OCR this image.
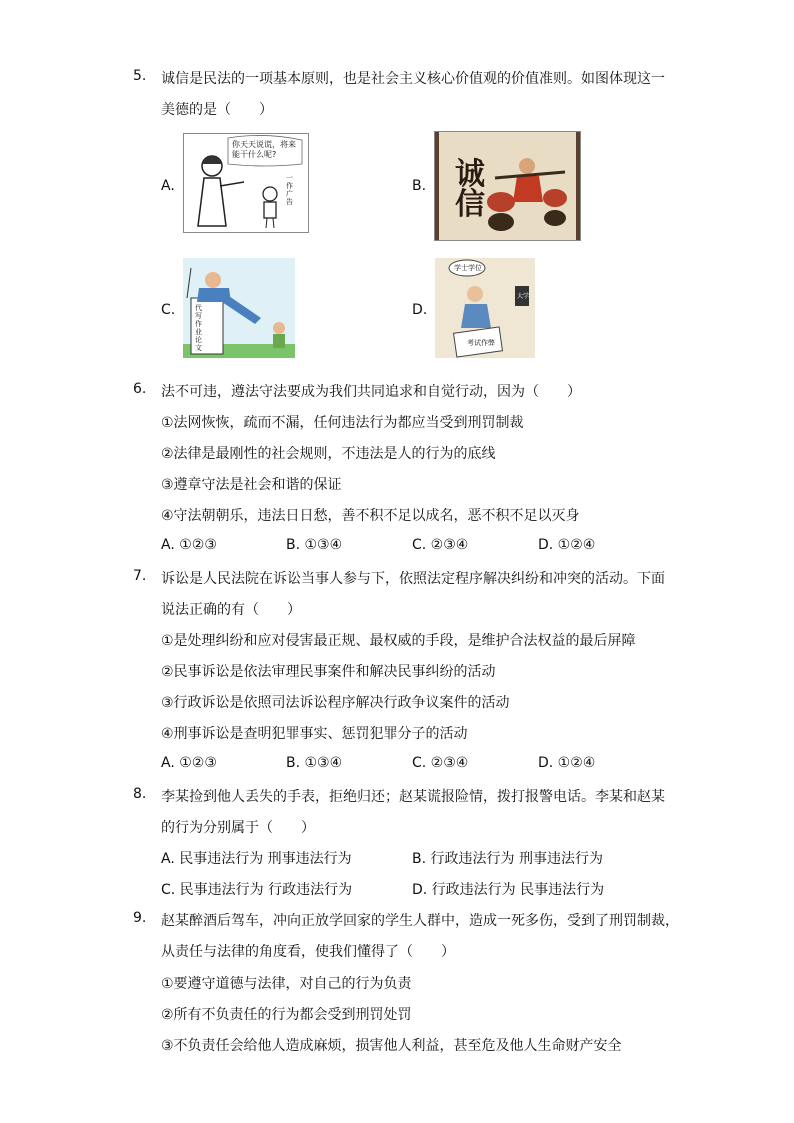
5. 诚信是民法的一项基本原则，也是社会主义核心价值观的价值准则。如图体现这一
美德的是（　　）
A.
你天天说谎，将来能干什么呢?
一作广告
B. 诚信
C.	代写作业论文
D.
学士学位
考试作弊
大学
6. 法不可违，遵法守法要成为我们共同追求和自觉行动，因为（　　）
①法网恢恢，疏而不漏，任何违法行为都应当受到刑罚制裁
②法律是最刚性的社会规则，不违法是人的行为的底线
③遵章守法是社会和谐的保证
④守法朝朝乐，违法日日愁，善不积不足以成名，恶不积不足以灭身
A. ①②③	B. ①③④	C. ②③④	D. ①②④
7. 诉讼是人民法院在诉讼当事人参与下，依照法定程序解决纠纷和冲突的活动。下面
说法正确的有（　　）
①是处理纠纷和应对侵害最正规、最权威的手段，是维护合法权益的最后屏障
②民事诉讼是依法审理民事案件和解决民事纠纷的活动
③行政诉讼是依照司法诉讼程序解决行政争议案件的活动
④刑事诉讼是查明犯罪事实、惩罚犯罪分子的活动
A. ①②③	B. ①③④	C. ②③④	D. ①②④
8. 李某捡到他人丢失的手表，拒绝归还；赵某谎报险情，拨打报警电话。李某和赵某
的行为分别属于（　　）
A. 民事违法行为 刑事违法行为	B. 行政违法行为 刑事违法行为
C. 民事违法行为 行政违法行为	D. 行政违法行为 民事违法行为
9. 赵某醉酒后驾车，冲向正放学回家的学生人群中，造成一死多伤，受到了刑罚制裁，
从责任与法律的角度看，使我们懂得了（　　）
①要遵守道德与法律，对自己的行为负责
②所有不负责任的行为都会受到刑罚处罚
③不负责任会给他人造成麻烦，损害他人利益，甚至危及他人生命财产安全
